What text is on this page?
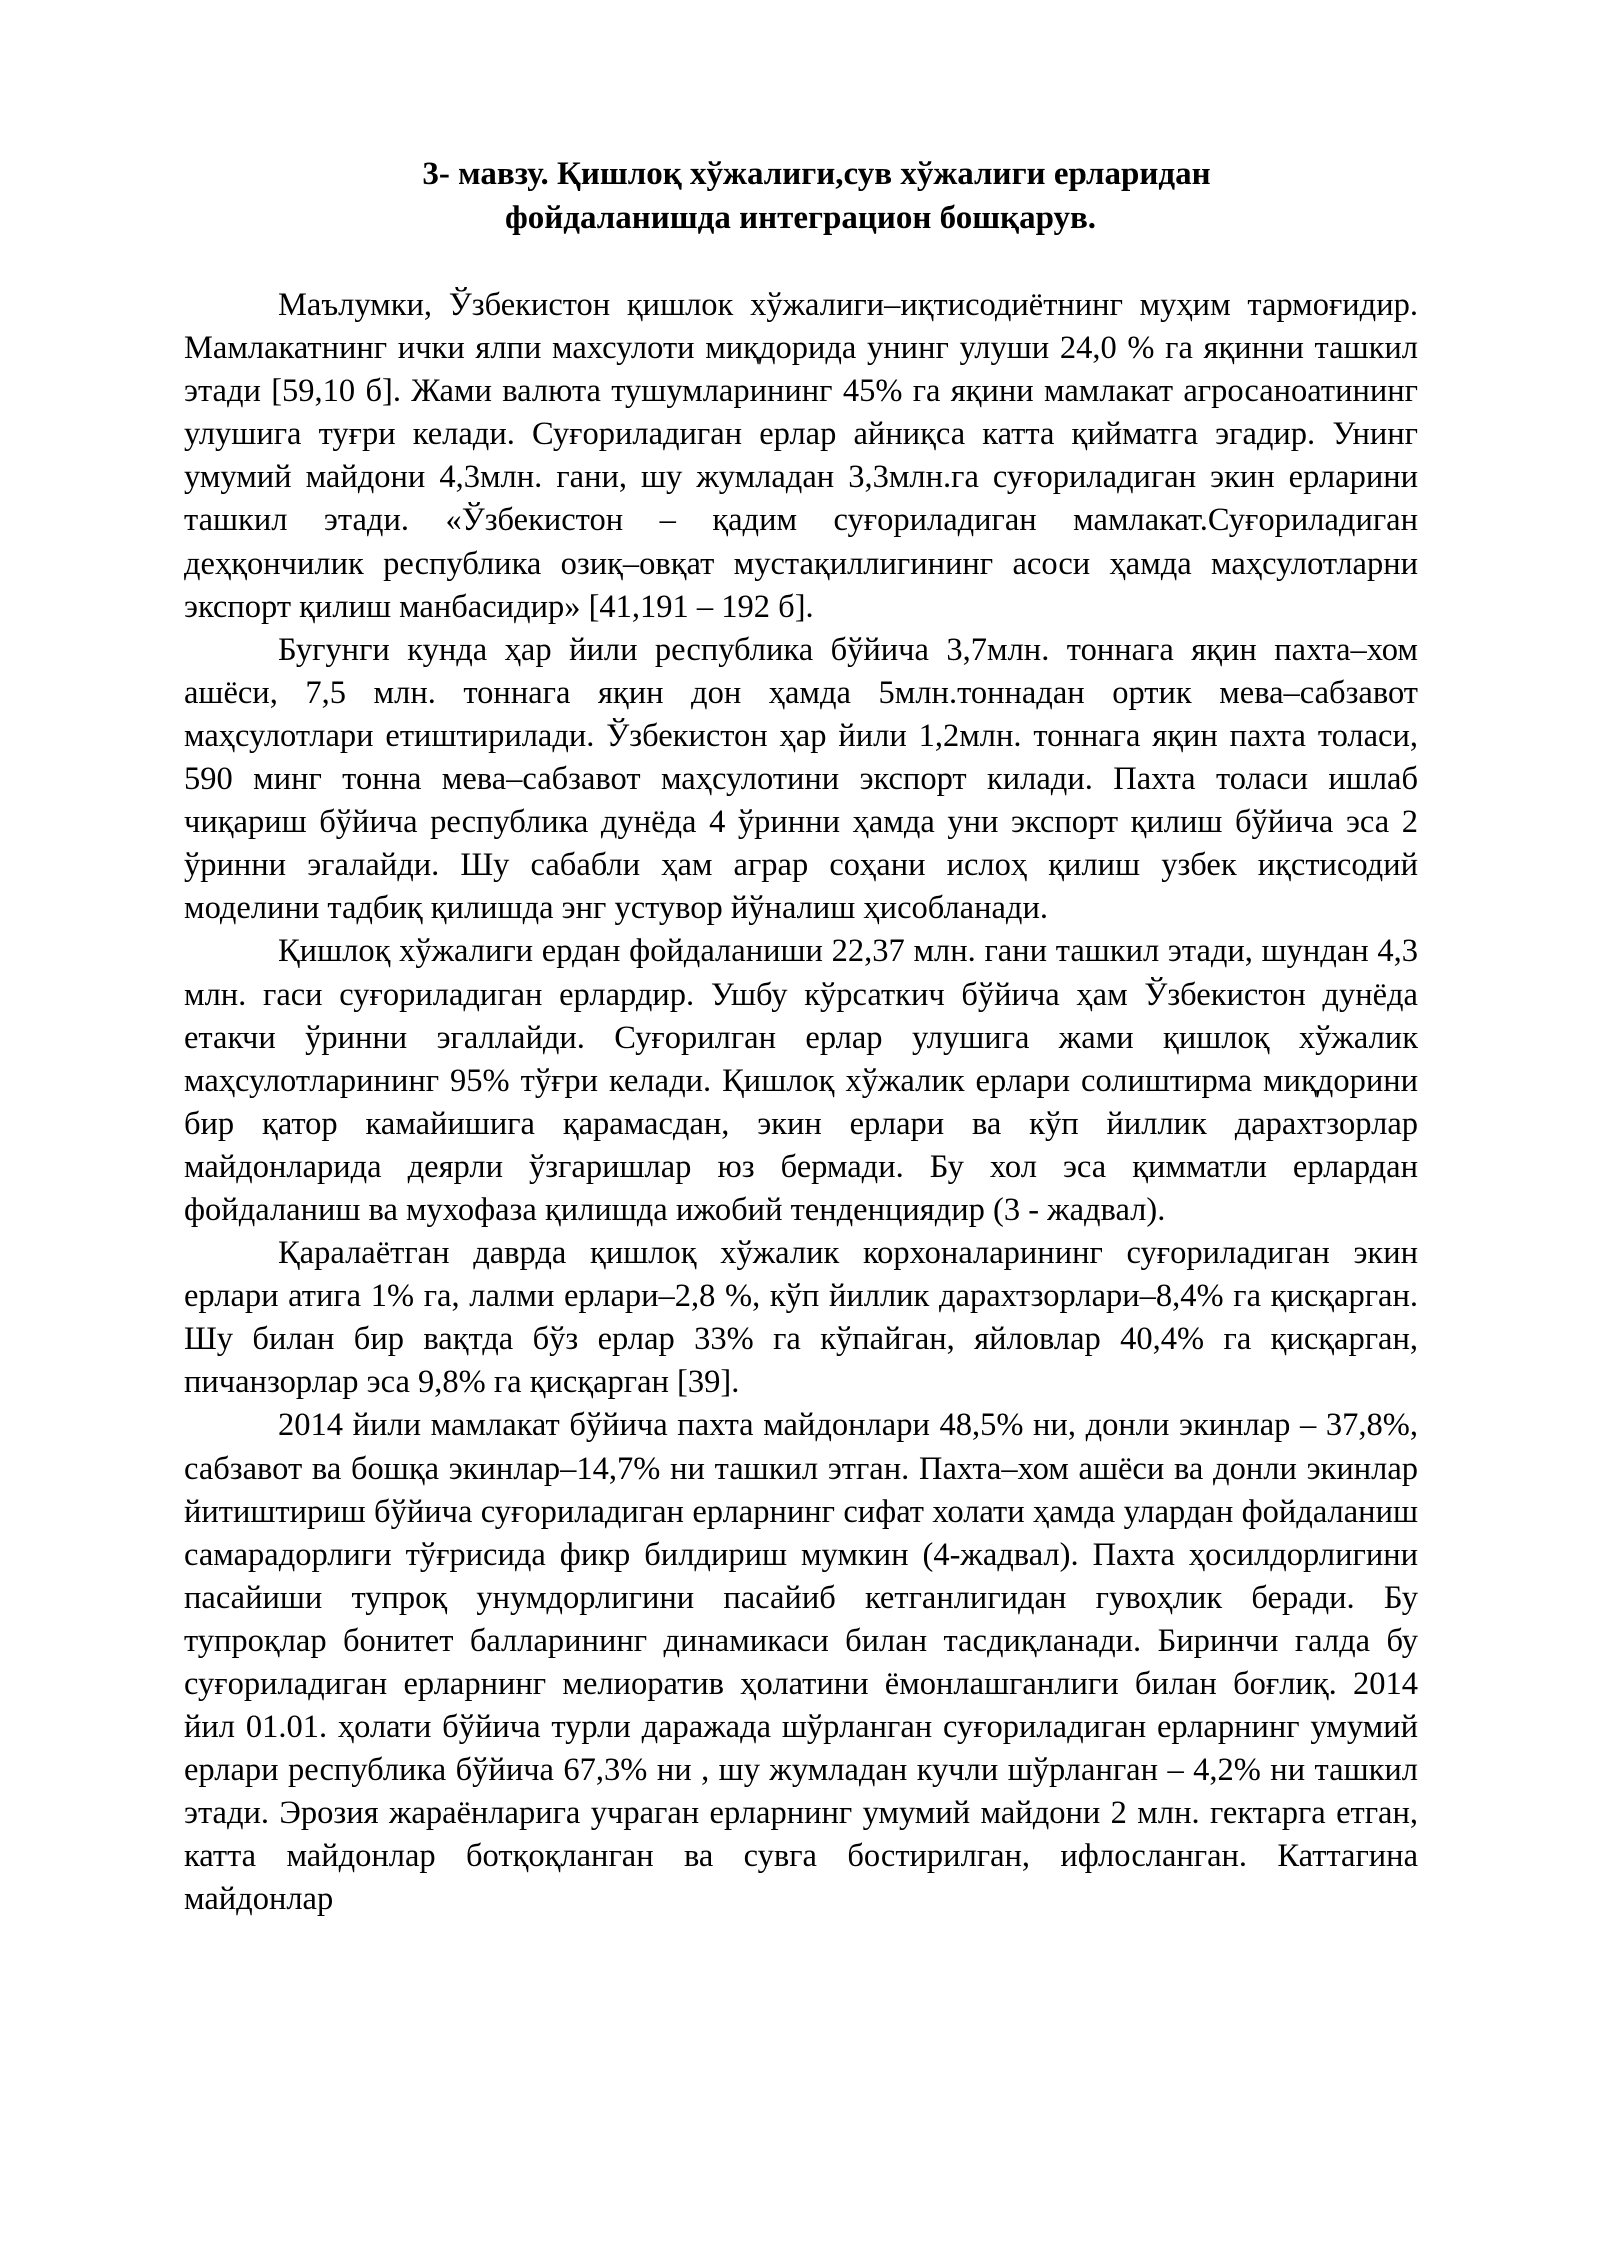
3- мавзу. Қишлоқ хўжалиги,сув хўжалиги ерларидан
фойдаланишда интеграцион бошқарув.

Маълумки, Ўзбекистон қишлок хўжалиги–иқтисодиётнинг муҳим тармоғидир. Мамлакатнинг ички ялпи махсулоти миқдорида унинг улуши 24,0 % га яқинни ташкил этади [59,10 б]. Жами валюта тушумларининг 45% га яқини мамлакат агросаноатининг улушига туғри келади. Суғориладиган ерлар айниқса катта қийматга эгадир. Унинг умумий майдони 4,3млн. гани, шу жумладан 3,3млн.га суғориладиган экин ерларини ташкил этади. «Ўзбекистон – қадим суғориладиган мамлакат.Суғориладиган деҳқончилик республика озиқ–овқат мустақиллигининг асоси ҳамда маҳсулотларни экспорт қилиш манбасидир» [41,191 – 192 б].

Бугунги кунда ҳар йили республика бўйича 3,7млн. тоннага яқин пахта–хом ашёси, 7,5 млн. тоннага яқин дон ҳамда 5млн.тоннадан ортик мева–сабзавот маҳсулотлари етиштирилади. Ўзбекистон ҳар йили 1,2млн. тоннага яқин пахта толаси, 590 минг тонна мева–сабзавот маҳсулотини экспорт килади. Пахта толаси ишлаб чиқариш бўйича республика дунёда 4 ўринни ҳамда уни экспорт қилиш бўйича эса 2 ўринни эгалайди. Шу сабабли ҳам аграр соҳани ислоҳ қилиш узбек иқстисодий моделини тадбиқ қилишда энг устувор йўналиш ҳисобланади.

Қишлоқ хўжалиги ердан фойдаланиши 22,37 млн. гани ташкил этади, шундан 4,3 млн. гаси суғориладиган ерлардир. Ушбу кўрсаткич бўйича ҳам Ўзбекистон дунёда етакчи ўринни эгаллайди. Суғорилган ерлар улушига жами қишлоқ хўжалик маҳсулотларининг 95% тўғри келади. Қишлоқ хўжалик ерлари солиштирма миқдорини бир қатор камайишига қарамасдан, экин ерлари ва кўп йиллик дарахтзорлар майдонларида деярли ўзгаришлар юз бермади. Бу хол эса қимматли ерлардан фойдаланиш ва мухофаза қилишда ижобий тенденциядир (3 - жадвал).

Қаралаётган даврда қишлоқ хўжалик корхоналарининг суғориладиган экин ерлари атига 1% га, лалми ерлари–2,8 %, кўп йиллик дарахтзорлари–8,4% га қисқарган. Шу билан бир вақтда бўз ерлар 33% га кўпайган, яйловлар 40,4% га қисқарган, пичанзорлар эса 9,8% га қисқарган [39].

2014 йили мамлакат бўйича пахта майдонлари 48,5% ни, донли экинлар – 37,8%, сабзавот ва бошқа экинлар–14,7% ни ташкил этган. Пахта–хом ашёси ва донли экинлар йитиштириш бўйича суғориладиган ерларнинг сифат холати ҳамда улардан фойдаланиш самарадорлиги тўғрисида фикр билдириш мумкин (4-жадвал). Пахта ҳосилдорлигини пасайиши тупроқ унумдорлигини пасайиб кетганлигидан гувоҳлик беради. Бу тупроқлар бонитет балларининг динамикаси билан тасдиқланади. Биринчи галда бу суғориладиган ерларнинг мелиоратив ҳолатини ёмонлашганлиги билан боғлиқ. 2014 йил 01.01. ҳолати бўйича турли даражада шўрланган суғориладиган ерларнинг умумий ерлари республика бўйича 67,3% ни , шу жумладан кучли шўрланган – 4,2% ни ташкил этади. Эрозия жараёнларига учраган ерларнинг умумий майдони 2 млн. гектарга етган, катта майдонлар ботқоқланган ва сувга бостирилган, ифлосланган. Каттагина майдонлар
